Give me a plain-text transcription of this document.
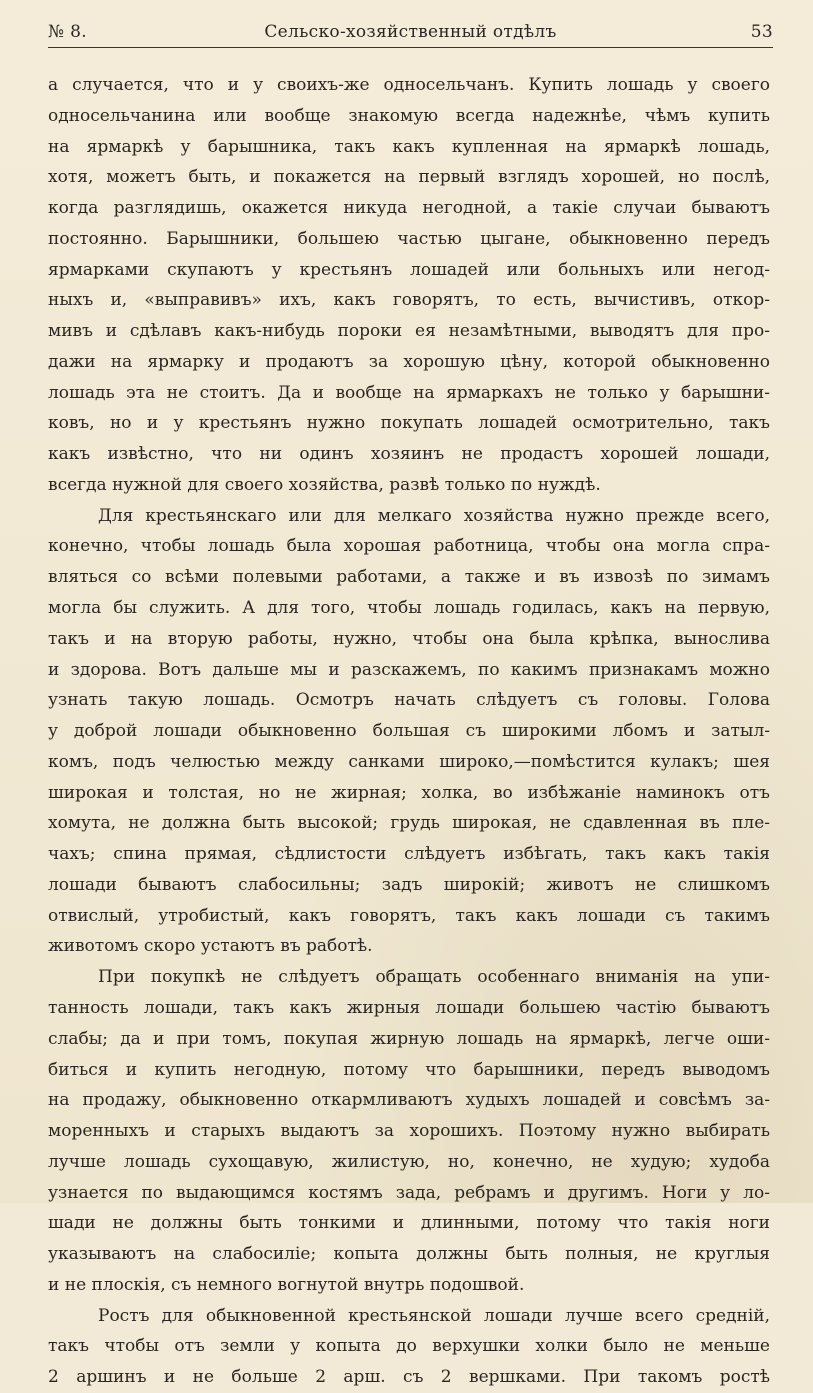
№ 8.	Сельско-хозяйственный отдѣлъ	53
а случается, что и у своихъ-же односельчанъ. Купить лошадь у своего
односельчанина или вообще знакомую всегда надежнѣе, чѣмъ купить
на ярмаркѣ у барышника, такъ какъ купленная на ярмаркѣ лошадь,
хотя, можетъ быть, и покажется на первый взглядъ хорошей, но послѣ,
когда разглядишь, окажется никуда негодной, а такіе случаи бываютъ
постоянно. Барышники, большею частью цыгане, обыкновенно передъ
ярмарками скупаютъ у крестьянъ лошадей или больныхъ или негод-
ныхъ и, «выправивъ» ихъ, какъ говорятъ, то есть, вычистивъ, откор-
мивъ и сдѣлавъ какъ-нибудь пороки ея незамѣтными, выводятъ для про-
дажи на ярмарку и продаютъ за хорошую цѣну, которой обыкновенно
лошадь эта не стоитъ. Да и вообще на ярмаркахъ не только у барышни-
ковъ, но и у крестьянъ нужно покупать лошадей осмотрительно, такъ
какъ извѣстно, что ни одинъ хозяинъ не продастъ хорошей лошади,
всегда нужной для своего хозяйства, развѣ только по нуждѣ.
Для крестьянскаго или для мелкаго хозяйства нужно прежде всего,
конечно, чтобы лошадь была хорошая работница, чтобы она могла спра-
вляться со всѣми полевыми работами, а также и въ извозѣ по зимамъ
могла бы служить. А для того, чтобы лошадь годилась, какъ на первую,
такъ и на вторую работы, нужно, чтобы она была крѣпка, вынослива
и здорова. Вотъ дальше мы и разскажемъ, по какимъ признакамъ можно
узнать такую лошадь. Осмотръ начать слѣдуетъ съ головы. Голова
у доброй лошади обыкновенно большая съ широкими лбомъ и затыл-
комъ, подъ челюстью между санками широко,—помѣстится кулакъ; шея
широкая и толстая, но не жирная; холка, во избѣжаніе наминокъ отъ
хомута, не должна быть высокой; грудь широкая, не сдавленная въ пле-
чахъ; спина прямая, сѣдлистости слѣдуетъ избѣгать, такъ какъ такія
лошади бываютъ слабосильны; задъ широкій; животъ не слишкомъ
отвислый, утробистый, какъ говорятъ, такъ какъ лошади съ такимъ
животомъ скоро устаютъ въ работѣ.
При покупкѣ не слѣдуетъ обращать особеннаго вниманія на упи-
танность лошади, такъ какъ жирныя лошади большею частію бываютъ
слабы; да и при томъ, покупая жирную лошадь на ярмаркѣ, легче оши-
биться и купить негодную, потому что барышники, передъ выводомъ
на продажу, обыкновенно откармливаютъ худыхъ лошадей и совсѣмъ за-
моренныхъ и старыхъ выдаютъ за хорошихъ. Поэтому нужно выбирать
лучше лошадь сухощавую, жилистую, но, конечно, не худую; худоба
узнается по выдающимся костямъ зада, ребрамъ и другимъ. Ноги у ло-
шади не должны быть тонкими и длинными, потому что такія ноги
указываютъ на слабосиліе; копыта должны быть полныя, не круглыя
и не плоскія, съ немного вогнутой внутрь подошвой.
Ростъ для обыкновенной крестьянской лошади лучше всего средній,
такъ чтобы отъ земли у копыта до верхушки холки было не меньше
2 аршинъ и не больше 2 арш. съ 2 вершками. При такомъ ростѣ
